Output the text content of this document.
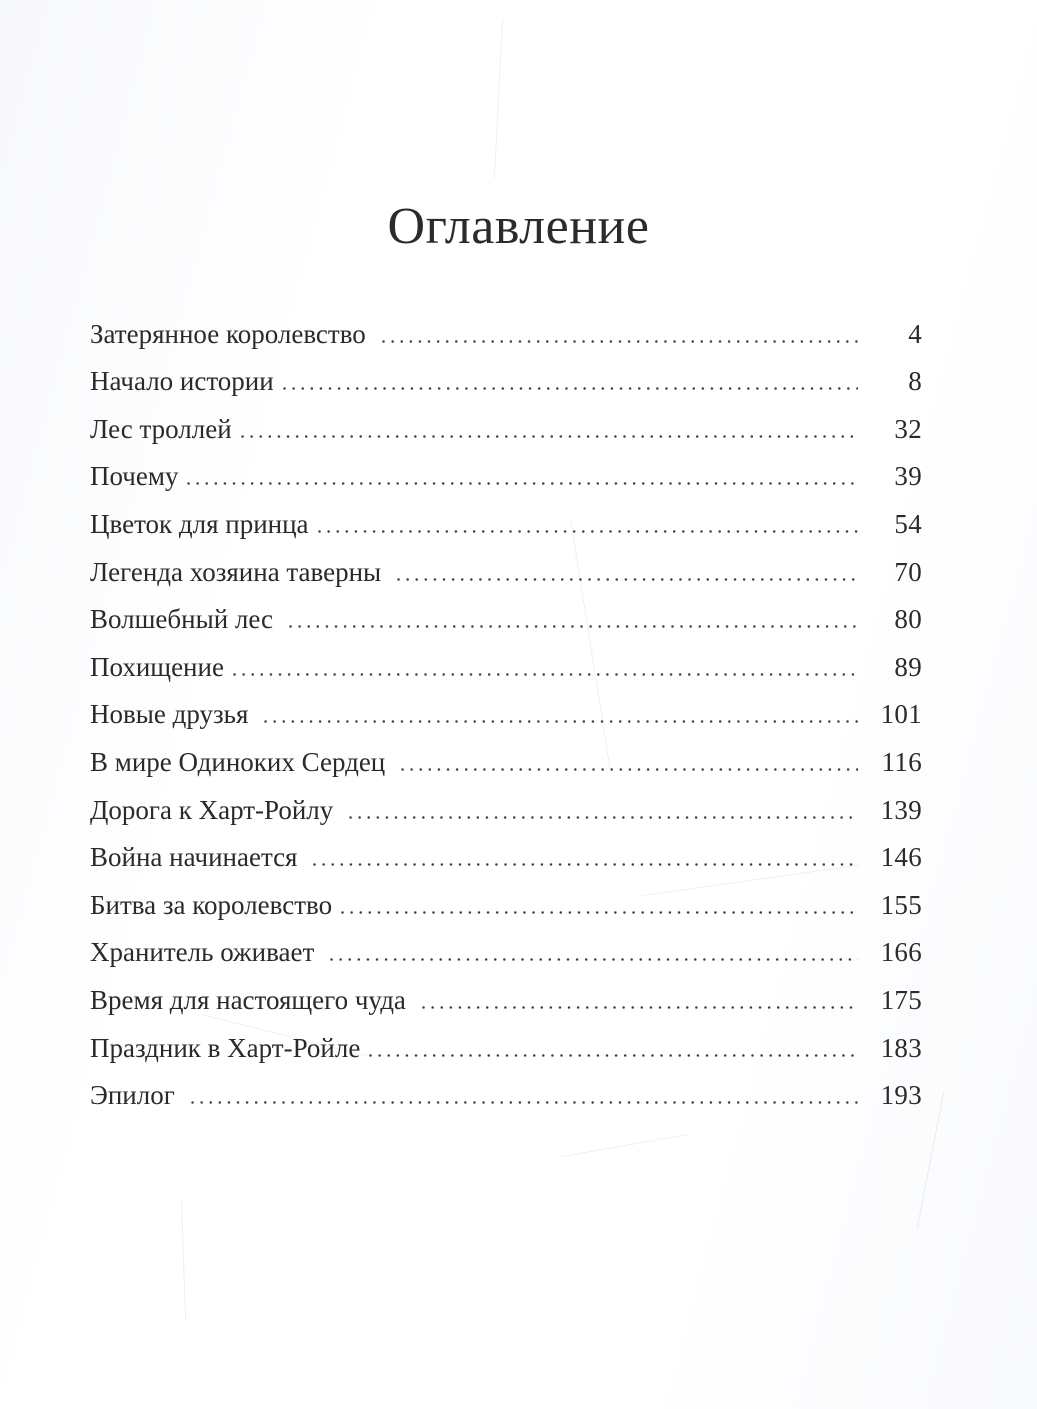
Оглавление
Затерянное королевство	4
Начало истории	8
Лес троллей	32
Почему	39
Цветок для принца	54
Легенда хозяина таверны	70
Волшебный лес	80
Похищение	89
Новые друзья	101
В мире Одиноких Сердец	116
Дорога к Харт-Ройлу	139
Война начинается	146
Битва за королевство	155
Хранитель оживает	166
Время для настоящего чуда	175
Праздник в Харт-Ройле	183
Эпилог	193
